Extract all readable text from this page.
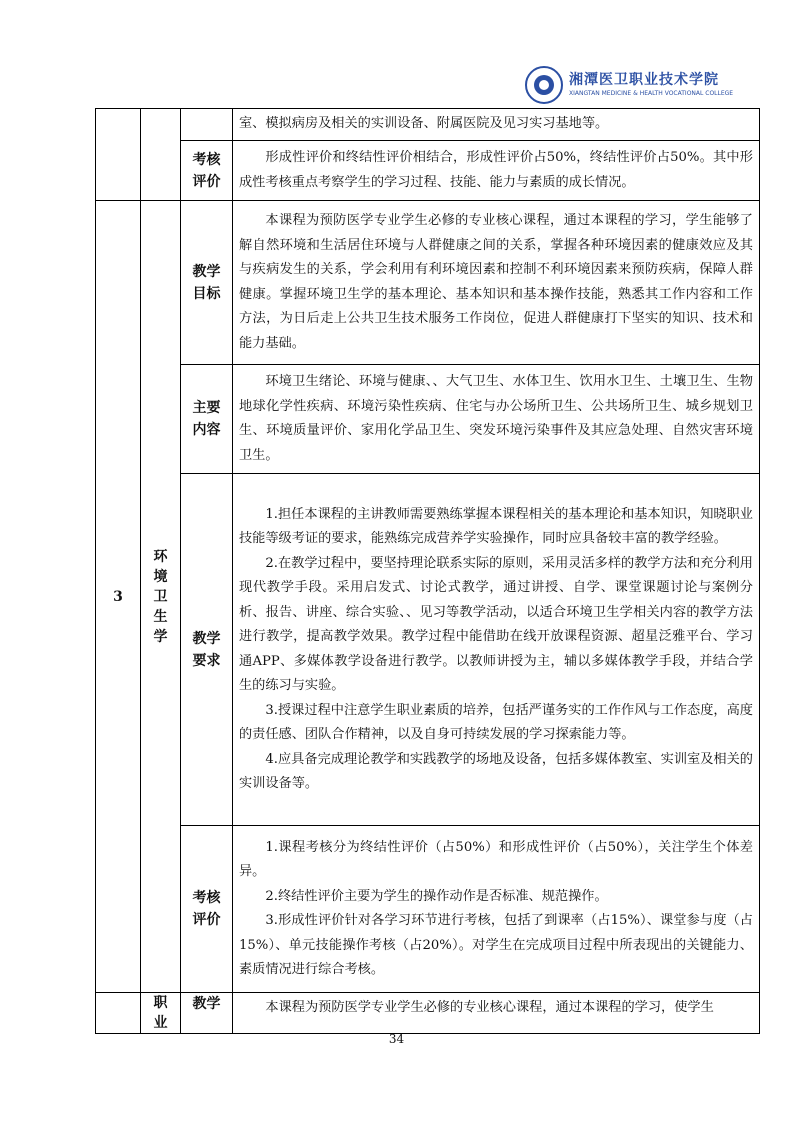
湘潭医卫职业技术学院
XIANGTAN MEDICINE & HEALTH VOCATIONAL COLLEGE

			室、模拟病房及相关的实训设备、附属医院及见习实习基地等。

		考核评价	形成性评价和终结性评价相结合，形成性评价占50%，终结性评价占50%。其中形成性考核重点考察学生的学习过程、技能、能力与素质的成长情况。

3	环境卫生学	教学目标	本课程为预防医学专业学生必修的专业核心课程，通过本课程的学习，学生能够了解自然环境和生活居住环境与人群健康之间的关系，掌握各种环境因素的健康效应及其与疾病发生的关系，学会利用有利环境因素和控制不利环境因素来预防疾病，保障人群健康。掌握环境卫生学的基本理论、基本知识和基本操作技能，熟悉其工作内容和工作方法，为日后走上公共卫生技术服务工作岗位，促进人群健康打下坚实的知识、技术和能力基础。

		主要内容	环境卫生绪论、环境与健康、、大气卫生、水体卫生、饮用水卫生、土壤卫生、生物地球化学性疾病、环境污染性疾病、住宅与办公场所卫生、公共场所卫生、城乡规划卫生、环境质量评价、家用化学品卫生、突发环境污染事件及其应急处理、自然灾害环境卫生。

		教学要求	1.担任本课程的主讲教师需要熟练掌握本课程相关的基本理论和基本知识，知晓职业技能等级考证的要求，能熟练完成营养学实验操作，同时应具备较丰富的教学经验。

2.在教学过程中，要坚持理论联系实际的原则，采用灵活多样的教学方法和充分利用现代教学手段。采用启发式、讨论式教学，通过讲授、自学、课堂课题讨论与案例分析、报告、讲座、综合实验、、见习等教学活动，以适合环境卫生学相关内容的教学方法进行教学，提高教学效果。教学过程中能借助在线开放课程资源、超星泛雅平台、学习通APP、多媒体教学设备进行教学。以教师讲授为主，辅以多媒体教学手段，并结合学生的练习与实验。

3.授课过程中注意学生职业素质的培养，包括严谨务实的工作作风与工作态度，高度的责任感、团队合作精神，以及自身可持续发展的学习探索能力等。

4.应具备完成理论教学和实践教学的场地及设备，包括多媒体教室、实训室及相关的实训设备等。

		考核评价	1.课程考核分为终结性评价（占50%）和形成性评价（占50%），关注学生个体差异。

2.终结性评价主要为学生的操作动作是否标准、规范操作。

3.形成性评价针对各学习环节进行考核，包括了到课率（占15%）、课堂参与度（占15%）、单元技能操作考核（占20%）。对学生在完成项目过程中所表现出的关键能力、素质情况进行综合考核。

	职业	教学	本课程为预防医学专业学生必修的专业核心课程，通过本课程的学习，使学生

34
